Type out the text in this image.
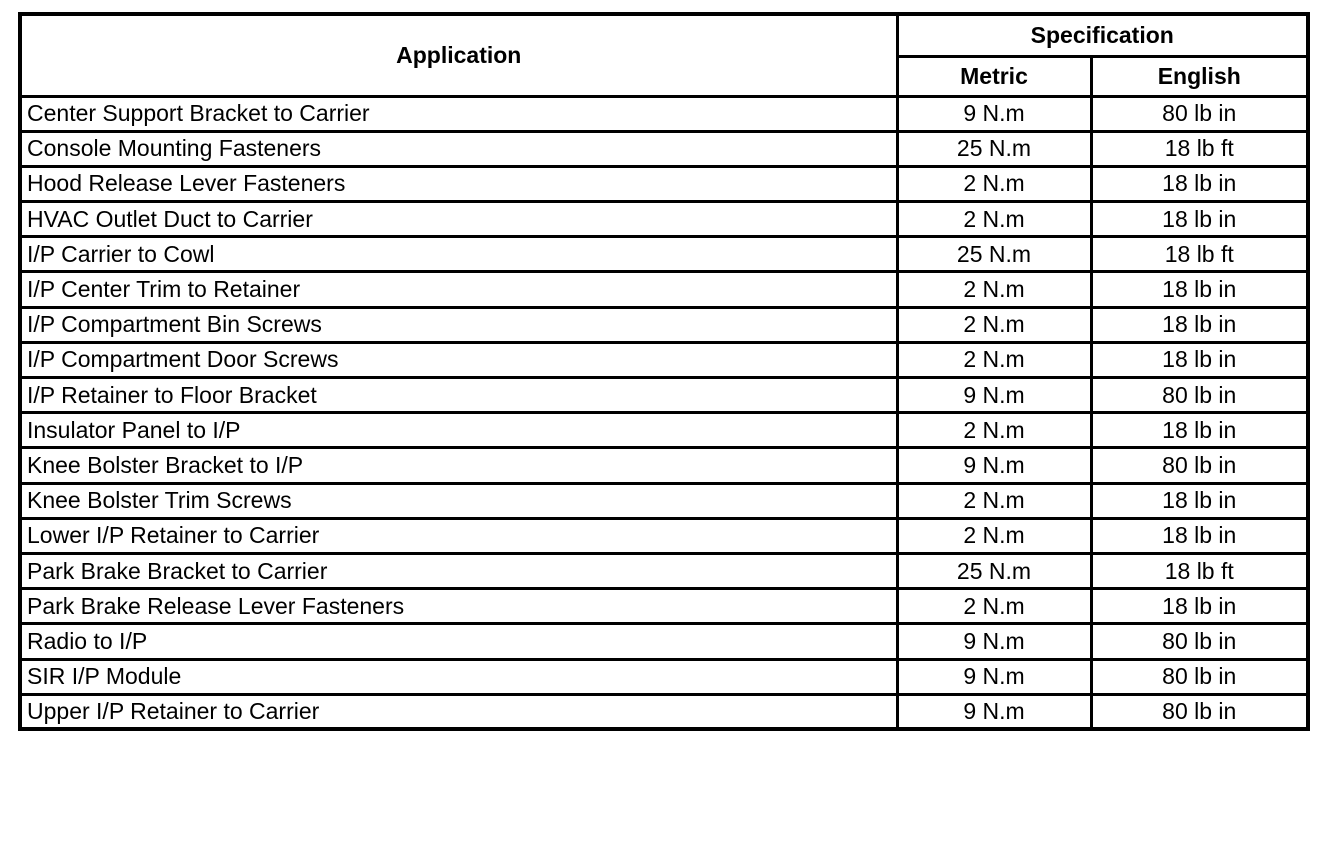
Application	Specification	
	Metric	English
Center Support Bracket to Carrier	9 N.m	80 lb in
Console Mounting Fasteners	25 N.m	18 lb ft
Hood Release Lever Fasteners	2 N.m	18 lb in
HVAC Outlet Duct to Carrier	2 N.m	18 lb in
I/P Carrier to Cowl	25 N.m	18 lb ft
I/P Center Trim to Retainer	2 N.m	18 lb in
I/P Compartment Bin Screws	2 N.m	18 lb in
I/P Compartment Door Screws	2 N.m	18 lb in
I/P Retainer to Floor Bracket	9 N.m	80 lb in
Insulator Panel to I/P	2 N.m	18 lb in
Knee Bolster Bracket to I/P	9 N.m	80 lb in
Knee Bolster Trim Screws	2 N.m	18 lb in
Lower I/P Retainer to Carrier	2 N.m	18 lb in
Park Brake Bracket to Carrier	25 N.m	18 lb ft
Park Brake Release Lever Fasteners	2 N.m	18 lb in
Radio to I/P	9 N.m	80 lb in
SIR I/P Module	9 N.m	80 lb in
Upper I/P Retainer to Carrier	9 N.m	80 lb in
